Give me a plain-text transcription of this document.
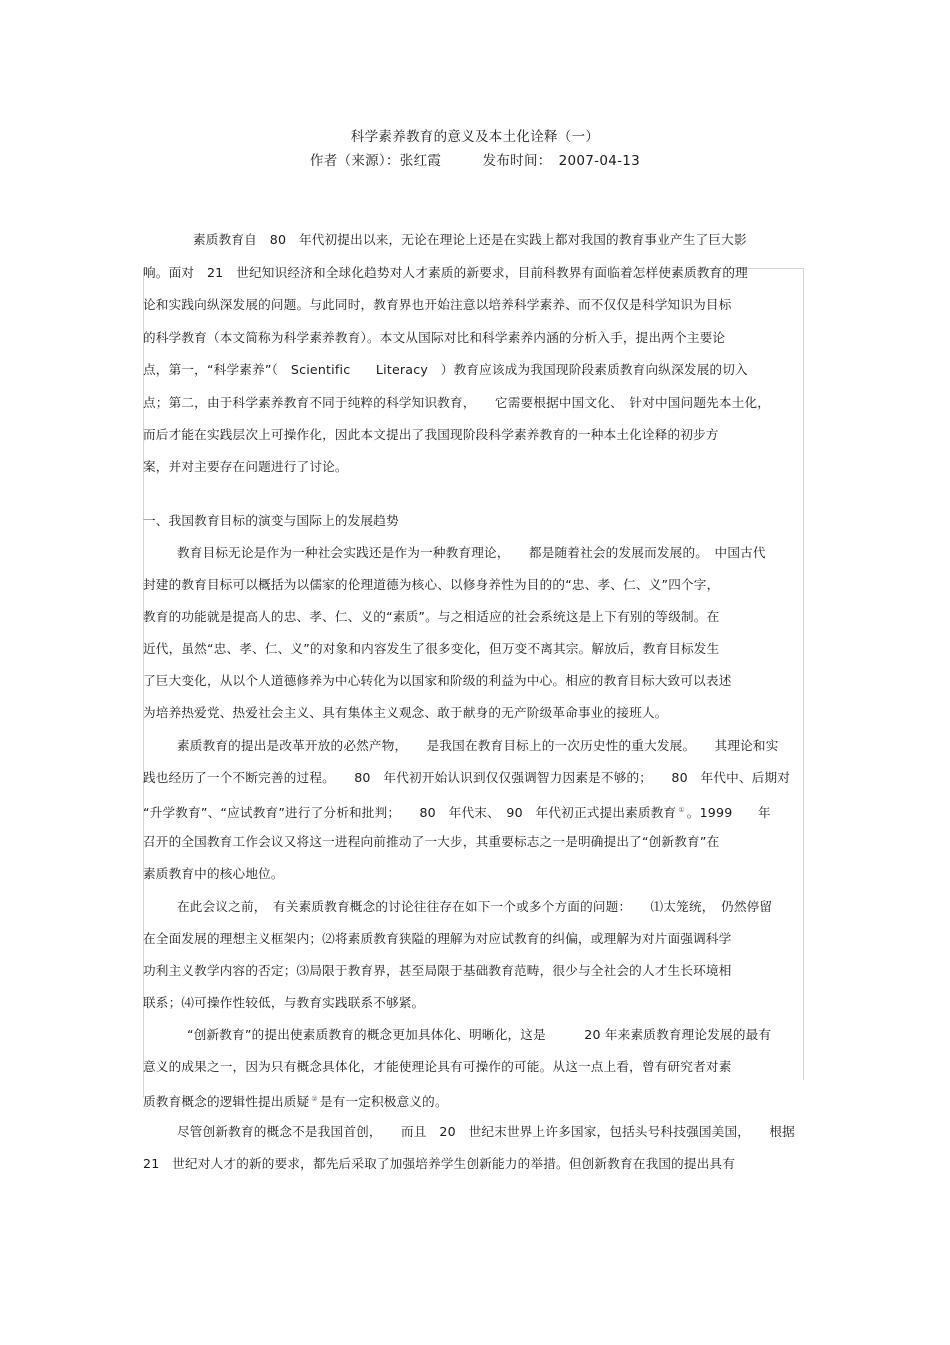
科学素养教育的意义及本土化诠释（一）
作者（来源）：张红霞　　　发布时间：　2007-04-13
素质教育自　80　年代初提出以来，无论在理论上还是在实践上都对我国的教育事业产生了巨大影
响。面对　21　世纪知识经济和全球化趋势对人才素质的新要求，目前科教界有面临着怎样使素质教育的理
论和实践向纵深发展的问题。与此同时，教育界也开始注意以培养科学素养、而不仅仅是科学知识为目标
的科学教育（本文简称为科学素养教育）。本文从国际对比和科学素养内涵的分析入手，提出两个主要论
点，第一，“科学素养”（　Scientific　　Literacy　）教育应该成为我国现阶段素质教育向纵深发展的切入
点；第二，由于科学素养教育不同于纯粹的科学知识教育，　　它需要根据中国文化、　针对中国问题先本土化，
而后才能在实践层次上可操作化，因此本文提出了我国现阶段科学素养教育的一种本土化诠释的初步方
案，并对主要存在问题进行了讨论。
一、我国教育目标的演变与国际上的发展趋势
教育目标无论是作为一种社会实践还是作为一种教育理论，　　都是随着社会的发展而发展的。　中国古代
封建的教育目标可以概括为以儒家的伦理道德为核心、以修身养性为目的的“忠、孝、仁、义”四个字，
教育的功能就是提高人的忠、孝、仁、义的“素质”。与之相适应的社会系统这是上下有别的等级制。在
近代，虽然“忠、孝、仁、义”的对象和内容发生了很多变化，但万变不离其宗。解放后，教育目标发生
了巨大变化，从以个人道德修养为中心转化为以国家和阶级的利益为中心。相应的教育目标大致可以表述
为培养热爱党、热爱社会主义、具有集体主义观念、敢于献身的无产阶级革命事业的接班人。
素质教育的提出是改革开放的必然产物，　　是我国在教育目标上的一次历史性的重大发展。　　其理论和实
践也经历了一个不断完善的过程。　　80　年代初开始认识到仅仅强调智力因素是不够的；　　80　年代中、后期对
“升学教育”、“应试教育”进行了分析和批判；　　80　年代末、　90　年代初正式提出素质教育 ① 。1999　　年
召开的全国教育工作会议又将这一进程向前推动了一大步，其重要标志之一是明确提出了“创新教育”在
素质教育中的核心地位。
在此会议之前，　有关素质教育概念的讨论往往存在如下一个或多个方面的问题：　　⑴太笼统，　仍然停留
在全面发展的理想主义框架内；⑵将素质教育狭隘的理解为对应试教育的纠偏，或理解为对片面强调科学
功利主义教学内容的否定；⑶局限于教育界，甚至局限于基础教育范畴，很少与全社会的人才生长环境相
联系；⑷可操作性较低，与教育实践联系不够紧。
“创新教育”的提出使素质教育的概念更加具体化、明晰化，这是　　　20 年来素质教育理论发展的最有
意义的成果之一，因为只有概念具体化，才能使理论具有可操作的可能。从这一点上看，曾有研究者对素
质教育概念的逻辑性提出质疑 ② 是有一定积极意义的。
尽管创新教育的概念不是我国首创，　　而且　20　世纪末世界上许多国家，包括头号科技强国美国，　　根据
21　世纪对人才的新的要求，都先后采取了加强培养学生创新能力的举措。但创新教育在我国的提出具有
